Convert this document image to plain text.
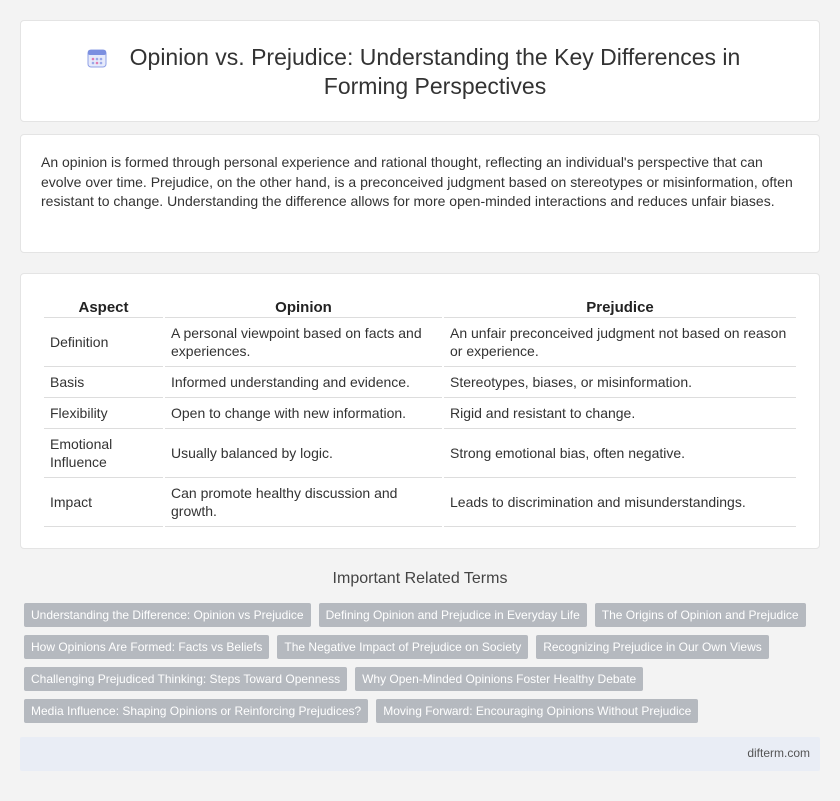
Opinion vs. Prejudice: Understanding the Key Differences in Forming Perspectives

An opinion is formed through personal experience and rational thought, reflecting an individual's perspective that can evolve over time. Prejudice, on the other hand, is a preconceived judgment based on stereotypes or misinformation, often resistant to change. Understanding the difference allows for more open-minded interactions and reduces unfair biases.

Aspect	Opinion	Prejudice
Definition	A personal viewpoint based on facts and experiences.	An unfair preconceived judgment not based on reason or experience.
Basis	Informed understanding and evidence.	Stereotypes, biases, or misinformation.
Flexibility	Open to change with new information.	Rigid and resistant to change.
Emotional Influence	Usually balanced by logic.	Strong emotional bias, often negative.
Impact	Can promote healthy discussion and growth.	Leads to discrimination and misunderstandings.
Important Related Terms
Understanding the Difference: Opinion vs Prejudice	Defining Opinion and Prejudice in Everyday Life	The Origins of Opinion and Prejudice
How Opinions Are Formed: Facts vs Beliefs	The Negative Impact of Prejudice on Society	Recognizing Prejudice in Our Own Views
Challenging Prejudiced Thinking: Steps Toward Openness	Why Open-Minded Opinions Foster Healthy Debate
Media Influence: Shaping Opinions or Reinforcing Prejudices?	Moving Forward: Encouraging Opinions Without Prejudice
difterm.com
